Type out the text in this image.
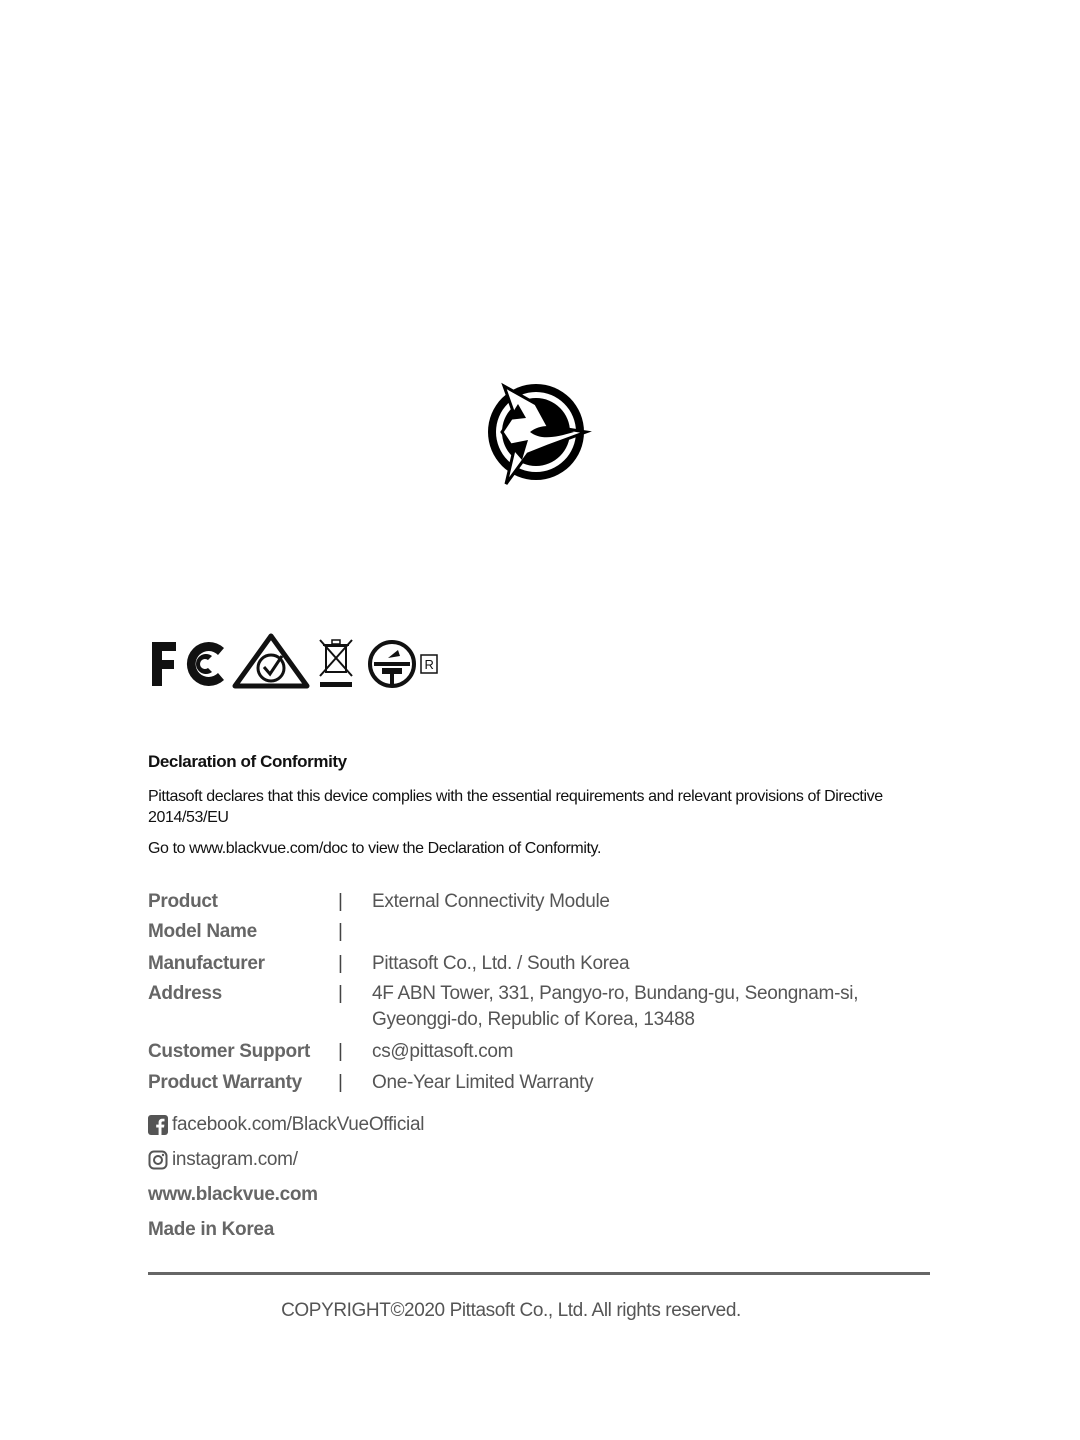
R
Declaration of Conformity

Pittasoft declares that this device complies with the essential requirements and relevant provisions of Directive 2014/53/EU

Go to www.blackvue.com/doc to view the Declaration of Conformity.
Product	| External Connectivity Module
Model Name	|
Manufacturer	| Pittasoft Co., Ltd. / South Korea
Address	| 4F ABN Tower, 331, Pangyo-ro, Bundang-gu, Seongnam-si, Gyeonggi-do, Republic of Korea, 13488
Customer Support	| cs@pittasoft.com
Product Warranty	| One-Year Limited Warranty
facebook.com/BlackVueOfficial
instagram.com/
www.blackvue.com
Made in Korea
COPYRIGHT©2020 Pittasoft Co., Ltd. All rights reserved.
